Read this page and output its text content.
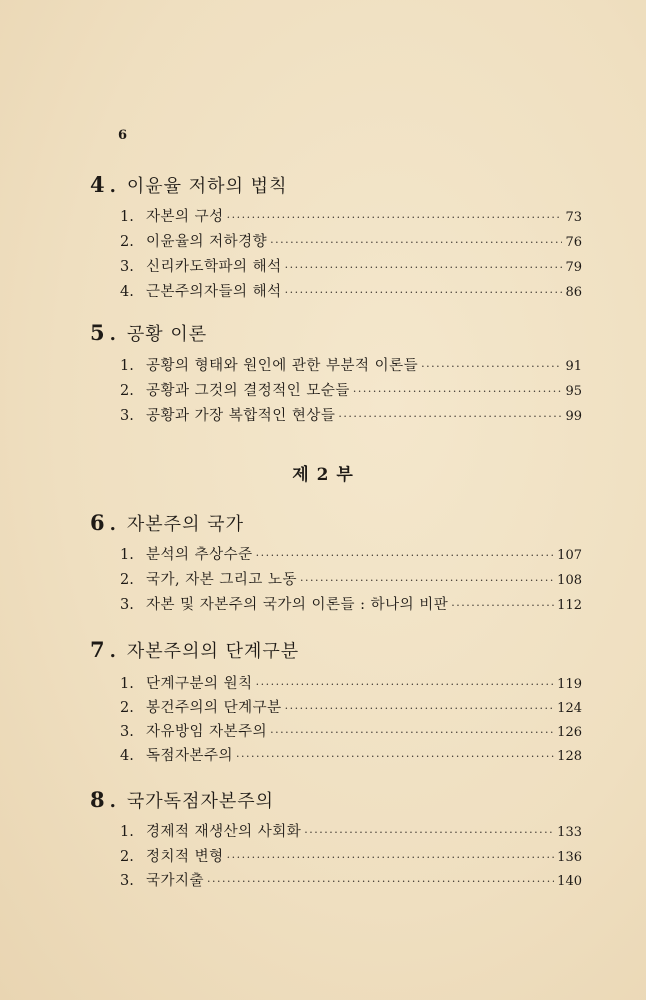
6
4 . 이윤율 저하의 법칙
1. 자본의 구성 ·····	73
2. 이윤율의 저하경향 ·····	76
3. 신리카도학파의 해석 ·····	79
4. 근본주의자들의 해석 ·····	86
5 . 공황 이론
1. 공황의 형태와 원인에 관한 부분적 이론들 ·····	91
2. 공황과 그것의 결정적인 모순들 ·····	95
3. 공황과 가장 복합적인 현상들 ·····	99
제 2 부
6 . 자본주의 국가
1. 분석의 추상수준 ·····	107
2. 국가, 자본 그리고 노동 ·····	108
3. 자본 및 자본주의 국가의 이론들 : 하나의 비판 ·····	112
7 . 자본주의의 단계구분
1. 단계구분의 원칙 ·····	119
2. 봉건주의의 단계구분 ·····	124
3. 자유방임 자본주의 ·····	126
4. 독점자본주의 ·····	128
8 . 국가독점자본주의
1. 경제적 재생산의 사회화 ·····	133
2. 정치적 변형 ·····	136
3. 국가지출 ·····	140
